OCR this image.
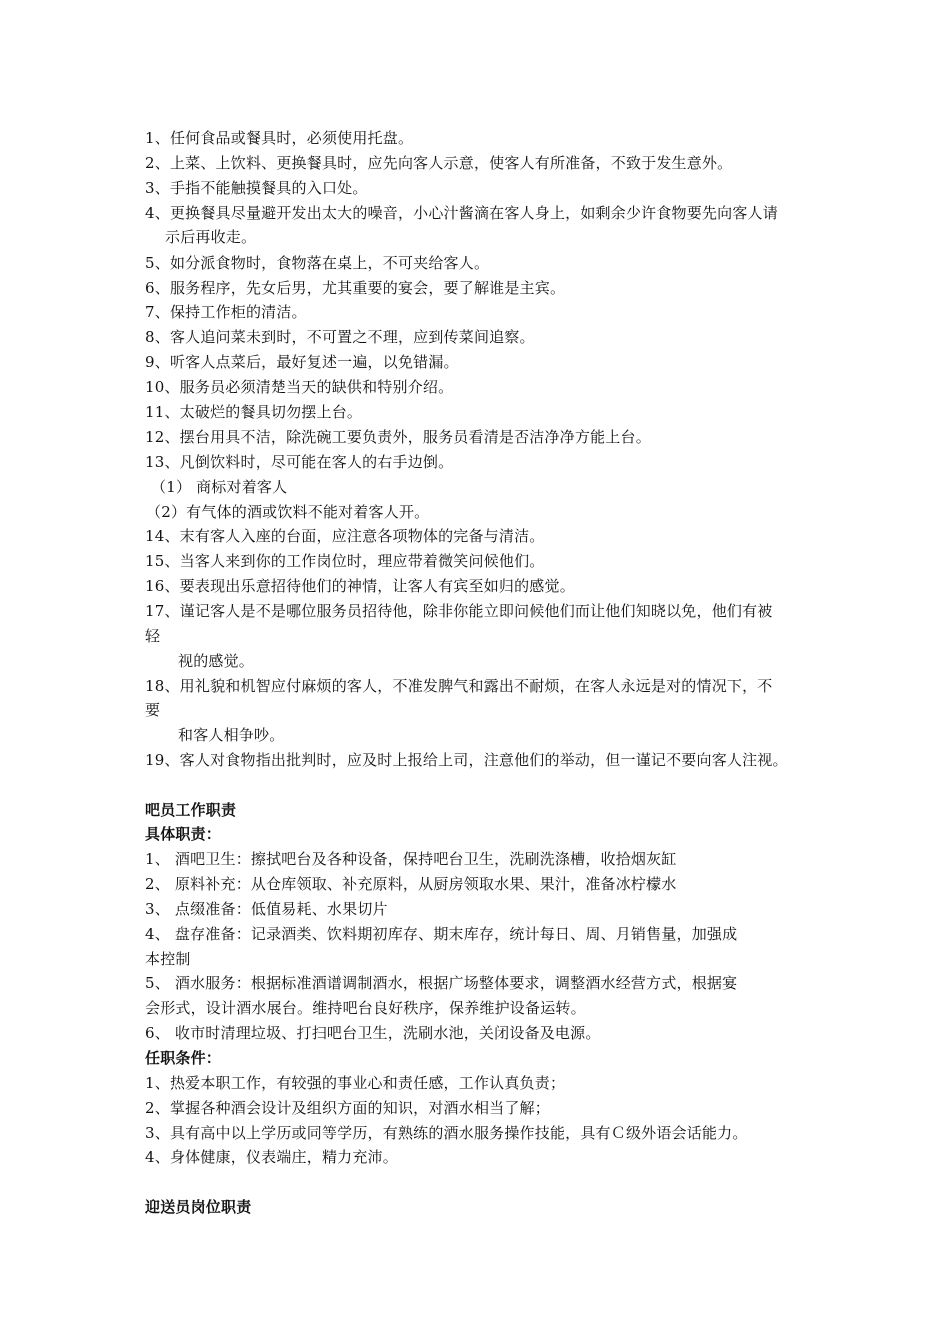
1、任何食品或餐具时，必须使用托盘。
2、上菜、上饮料、更换餐具时，应先向客人示意，使客人有所准备，不致于发生意外。
3、手指不能触摸餐具的入口处。
4、更换餐具尽量避开发出太大的噪音，小心汁酱滴在客人身上，如剩余少许食物要先向客人请
示后再收走。
5、如分派食物时，食物落在桌上，不可夹给客人。
6、服务程序，先女后男，尤其重要的宴会，要了解谁是主宾。
7、保持工作柜的清洁。
8、客人追问菜未到时，不可置之不理，应到传菜间追察。
9、听客人点菜后，最好复述一遍，以免错漏。
10、服务员必须清楚当天的缺供和特别介绍。
11、太破烂的餐具切勿摆上台。
12、摆台用具不洁，除洗碗工要负责外，服务员看清是否洁净净方能上台。
13、凡倒饮料时，尽可能在客人的右手边倒。
（1） 商标对着客人
（2）有气体的酒或饮料不能对着客人开。
14、末有客人入座的台面，应注意各项物体的完备与清洁。
15、当客人来到你的工作岗位时，理应带着微笑问候他们。
16、要表现出乐意招待他们的神情，让客人有宾至如归的感觉。
17、谨记客人是不是哪位服务员招待他，除非你能立即问候他们而让他们知晓以免，他们有被
轻
视的感觉。
18、用礼貌和机智应付麻烦的客人，不准发脾气和露出不耐烦，在客人永远是对的情况下，不
要
和客人相争吵。
19、客人对食物指出批判时，应及时上报给上司，注意他们的举动，但一谨记不要向客人注视。
吧员工作职责
具体职责：
1、 酒吧卫生：擦拭吧台及各种设备，保持吧台卫生，洗刷洗涤槽，收拾烟灰缸
2、 原料补充：从仓库领取、补充原料，从厨房领取水果、果汁，准备冰柠檬水
3、 点缀准备：低值易耗、水果切片
4、 盘存准备：记录酒类、饮料期初库存、期末库存，统计每日、周、月销售量，加强成
本控制
5、 酒水服务：根据标准酒谱调制酒水，根据广场整体要求，调整酒水经营方式，根据宴
会形式，设计酒水展台。维持吧台良好秩序，保养维护设备运转。
6、 收市时清理垃圾、打扫吧台卫生，洗刷水池，关闭设备及电源。
任职条件：
1、热爱本职工作，有较强的事业心和责任感，工作认真负责；
2、掌握各种酒会设计及组织方面的知识，对酒水相当了解；
3、具有高中以上学历或同等学历，有熟练的酒水服务操作技能，具有Ｃ级外语会话能力。
4、身体健康，仪表端庄，精力充沛。
迎送员岗位职责
